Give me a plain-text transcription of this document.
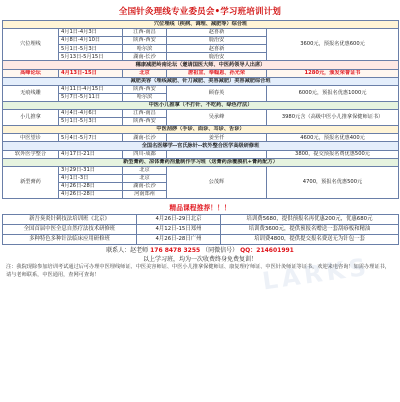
全国针灸理线专业委员会•学习班培训计划
穴位埋线（疾病、调理、减肥等）综合班				
穴位埋线	4月1日-4月3日	江西-南昌	赵喜新	3600元，预报名优惠600元
	4月8日-4月10日	陕西-西安	鹿治安	
	5月1日-5月3日	哈尔滨	赵喜新	
	5月13日-5月15日	湖南-长沙	鹿治安	
穗康减肥岭南论坛（邀请国医大师、中医药领导人出席）				
高峰论坛	4月13日-15日	北京	唐祖宣、奉翰恩、孙光荣	1280元，颁发荣誉证书
减肥美容（埋线减肥、针刀减肥、美容减肥）美容减肥综合班				
无痕线雕	4月11日-4月15日	陕西-西安	顾春英	6000元，预报名优惠1000元
	5月7日-5月11日	哈尔滨		
中医小儿推拿（不打针、不吃药、绿色疗法）				
小儿推拿	4月4日-4月6日	江西-南昌	吴承峰	3980元含（高级中医小儿推拿保健师证书）
	5月1日-5月3日	陕西-西安		
中医刮痧（手诊、面诊、耳诊、舌诊）				
中医望诊	5月4日-5月7日	湖南-长沙	姜至仟	4600元，预报名优惠400元
全国名医缪学--官氏脉针--软外整合医学高级研修班				
软外医学整合	4月17日-21日	四川-成都		3800，提交预报名费优惠500元
新型膏药、凉体膏药剂量制作学习班（送膏药涂覆膜机+膏药配方）				
新型膏药	3月29日-31日	北京	公茂辉	4700，预报名优惠500元
	4月1日-3日	北京		
	4月26日-28日	湖南-长沙		
	4月26日-28日	河南郑州		
精品课程推荐！！！
新吾臭炎针刺技法培训班《北京》	4月26日-29日北京	培训费5680，提供预报名再优惠200元，优惠680元
全国首届中医全息自然疗法技术研修班	4月12日-15日郑州	培训费3600元，提供预报名赠送一套刮痧板和精油
多种特色多种针法临床应用研修班	4月26日-28日广州	培训费4800，提供提交报名费送无为针包一套
联系人：赵老师 176 8478 3255 （同微信号） QQ：214601991
以上学习班，均为一次收费终身免费复训！
注：我院现除参加培训考试通过后可办理中医埋线师证、中医美容师证、中医小儿推拿保健师证、康复理疗师证、中医针灸师证等证书，欢迎来电咨询！如需办理证书，请与老师联系，中医通用，查网可查询！	LARKS
